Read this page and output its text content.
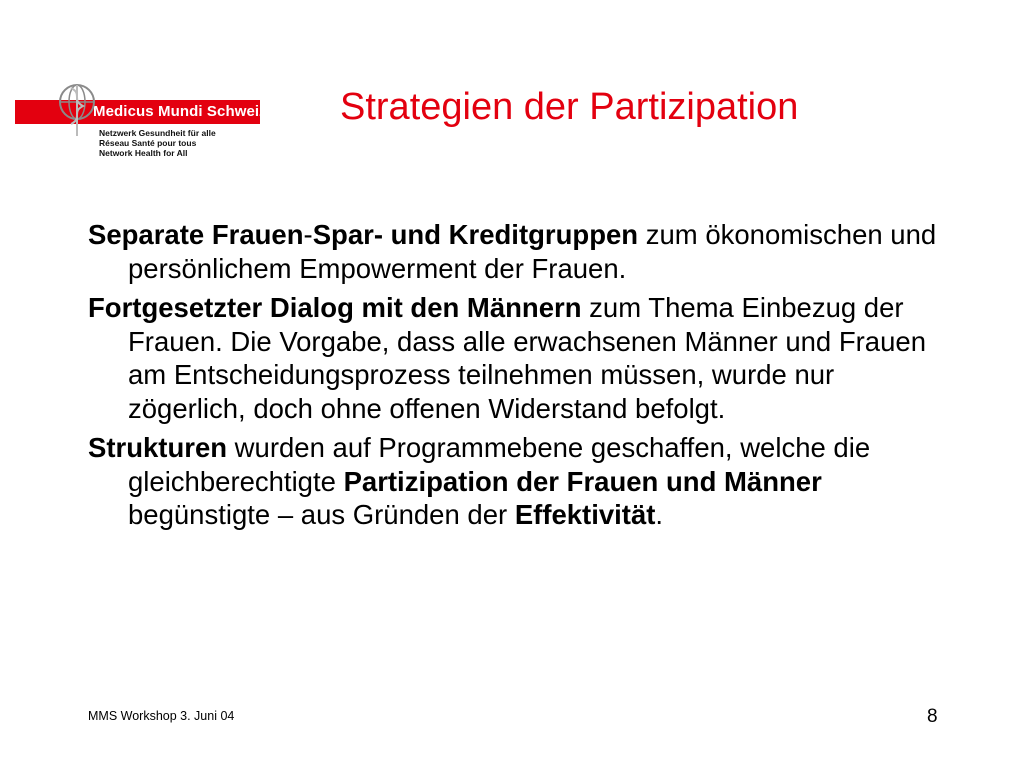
Medicus Mundi Schweiz
Netzwerk Gesundheit für alle
Réseau Santé pour tous
Network Health for All
Strategien der Partizipation

Separate Frauen-Spar- und Kreditgruppen zum ökonomischen und persönlichem Empowerment der Frauen.

Fortgesetzter Dialog mit den Männern zum Thema Einbezug der Frauen. Die Vorgabe, dass alle erwachsenen Männer und Frauen am Entscheidungsprozess teilnehmen müssen, wurde nur zögerlich, doch ohne offenen Widerstand befolgt.

Strukturen wurden auf Programmebene geschaffen, welche die gleichberechtigte Partizipation der Frauen und Männer begünstigte – aus Gründen der Effektivität.

MMS Workshop 3. Juni 04	8
